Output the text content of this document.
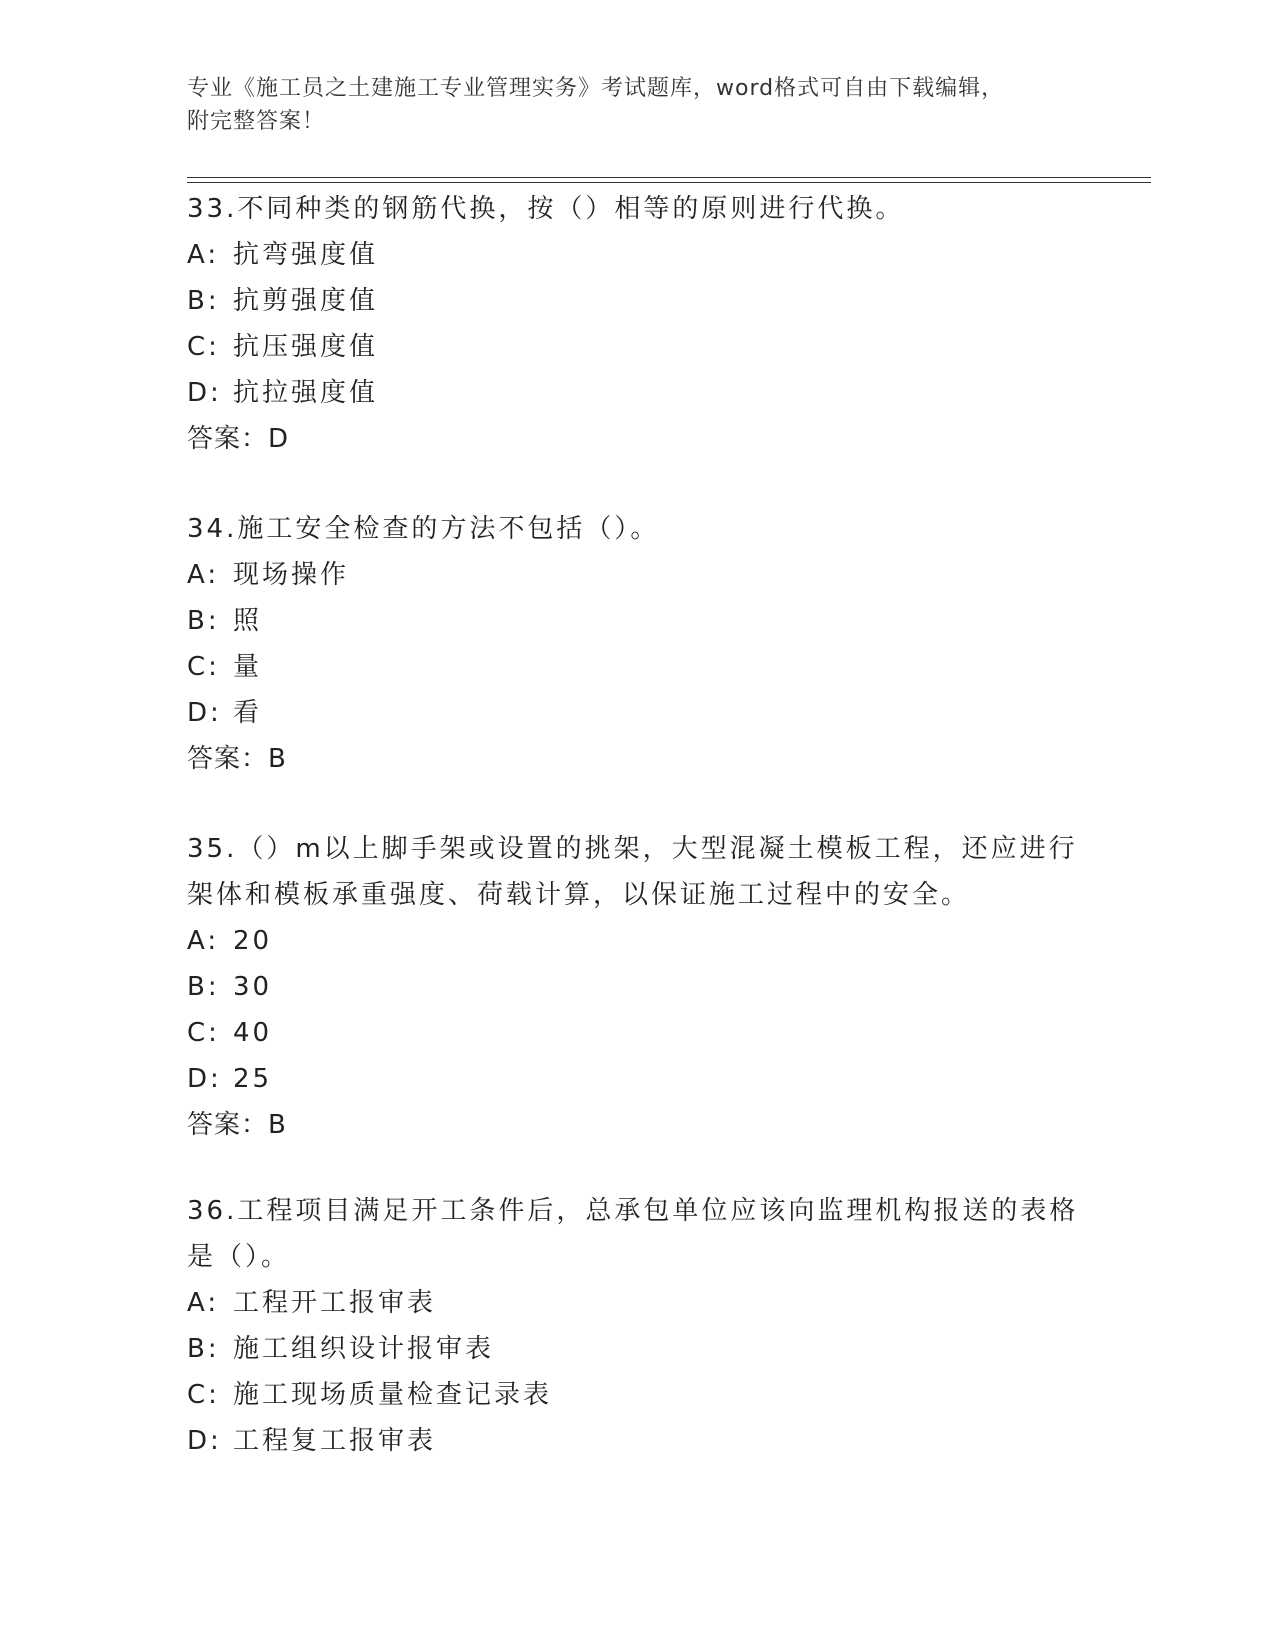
专业《施工员之土建施工专业管理实务》考试题库，word格式可自由下载编辑，
附完整答案！
33.不同种类的钢筋代换，按（）相等的原则进行代换。
A: 抗弯强度值
B: 抗剪强度值
C: 抗压强度值
D: 抗拉强度值
答案：D
34.施工安全检查的方法不包括（）。
A: 现场操作
B: 照
C: 量
D: 看
答案：B
35.（）m以上脚手架或设置的挑架，大型混凝土模板工程，还应进行
架体和模板承重强度、荷载计算，以保证施工过程中的安全。
A: 20
B: 30
C: 40
D: 25
答案：B
36.工程项目满足开工条件后，总承包单位应该向监理机构报送的表格
是（）。
A: 工程开工报审表
B: 施工组织设计报审表
C: 施工现场质量检查记录表
D: 工程复工报审表
